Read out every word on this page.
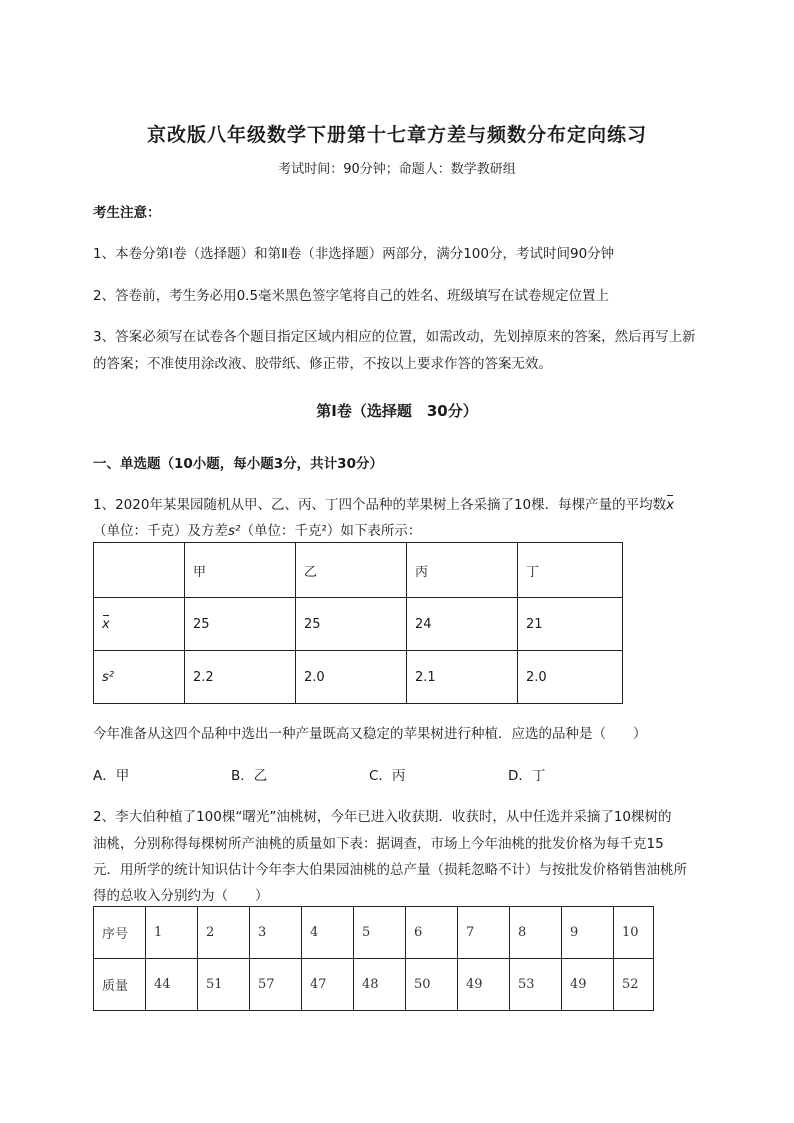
京改版八年级数学下册第十七章方差与频数分布定向练习
考试时间：90分钟；命题人：数学教研组
考生注意：
1、本卷分第Ⅰ卷（选择题）和第Ⅱ卷（非选择题）两部分，满分100分，考试时间90分钟
2、答卷前，考生务必用0.5毫米黑色签字笔将自己的姓名、班级填写在试卷规定位置上
3、答案必须写在试卷各个题目指定区域内相应的位置，如需改动，先划掉原来的答案，然后再写上新
的答案；不准使用涂改液、胶带纸、修正带，不按以上要求作答的答案无效。
第Ⅰ卷（选择题　30分）
一、单选题（10小题，每小题3分，共计30分）
1、2020年某果园随机从甲、乙、丙、丁四个品种的苹果树上各采摘了10棵．每棵产量的平均数x
（单位：千克）及方差s²（单位：千克²）如下表所示：
	甲	乙	丙	丁
x	25	25	24	21
s²	2.2	2.0	2.1	2.0
今年准备从这四个品种中选出一种产量既高又稳定的苹果树进行种植．应选的品种是（　　）
A．甲	B．乙	C．丙	D．丁
2、李大伯种植了100棵“曙光”油桃树，今年已进入收获期．收获时，从中任选并采摘了10棵树的
油桃，分别称得每棵树所产油桃的质量如下表：据调查，市场上今年油桃的批发价格为每千克15
元．用所学的统计知识估计今年李大伯果园油桃的总产量（损耗忽略不计）与按批发价格销售油桃所
得的总收入分别约为（　　）
序号	1	2	3	4	5	6	7	8	9	10
质量	44	51	57	47	48	50	49	53	49	52
